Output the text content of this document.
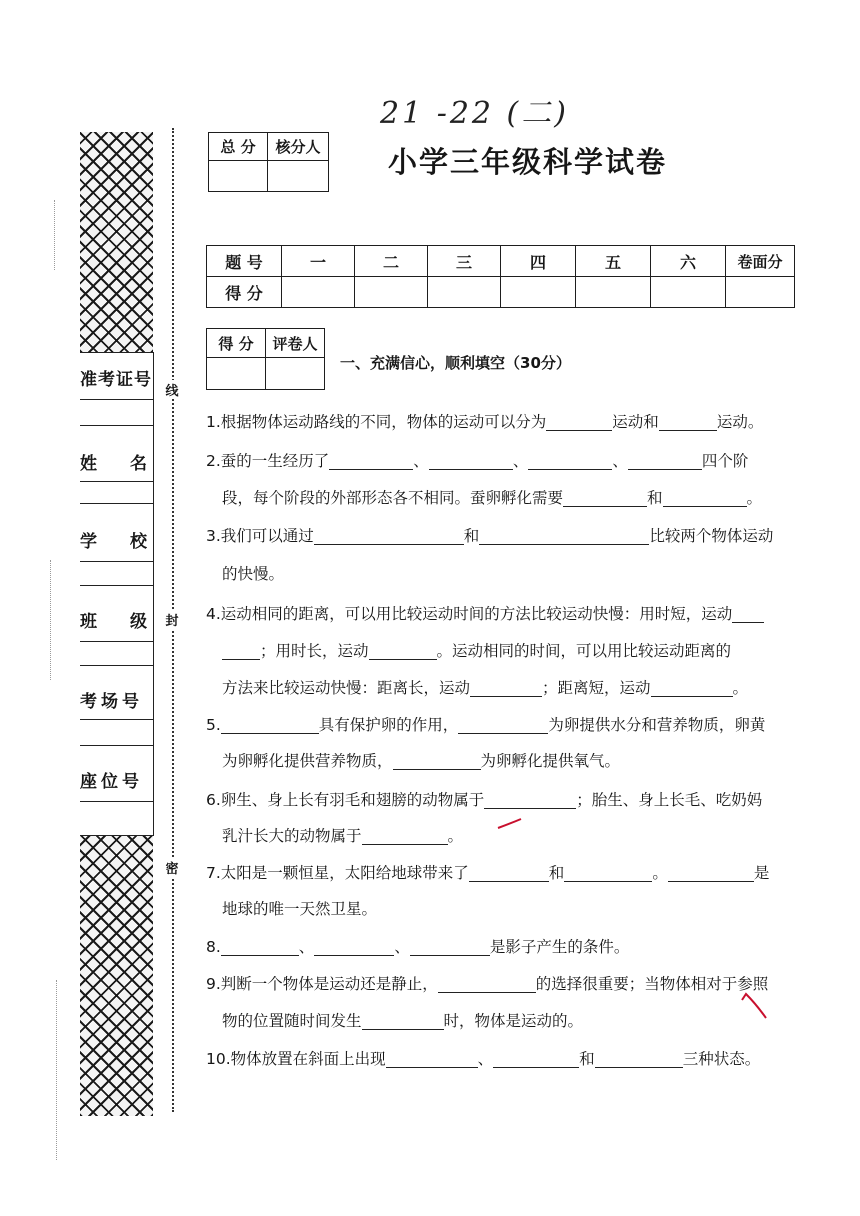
准考证号
姓　名
学　校
班　级
考场号
座位号
线
封
密
21 -22 (二)
总 分	核分人
	小学三年级科学试卷
题 号	一	二	三	四	五	六	卷面分
得 分							
得 分	评卷人

一、充满信心，顺利填空（30分）
1.根据物体运动路线的不同，物体的运动可以分为	运动和	运动。
2.蚕的一生经历了	、	、	、	四个阶
段，每个阶段的外部形态各不相同。蚕卵孵化需要	和	。
3.我们可以通过	和	比较两个物体运动
的快慢。
4.运动相同的距离，可以用比较运动时间的方法比较运动快慢：用时短，运动
；用时长，运动	。运动相同的时间，可以用比较运动距离的
方法来比较运动快慢：距离长，运动	；距离短，运动	。
5.	具有保护卵的作用，	为卵提供水分和营养物质，卵黄
为卵孵化提供营养物质，	为卵孵化提供氧气。
6.卵生、身上长有羽毛和翅膀的动物属于	；胎生、身上长毛、吃奶妈
乳汁长大的动物属于	。
7.太阳是一颗恒星，太阳给地球带来了	和	。	是
地球的唯一天然卫星。
8.	、	、	是影子产生的条件。
9.判断一个物体是运动还是静止，	的选择很重要；当物体相对于参照
物的位置随时间发生	时，物体是运动的。
10.物体放置在斜面上出现	、	和	三种状态。
